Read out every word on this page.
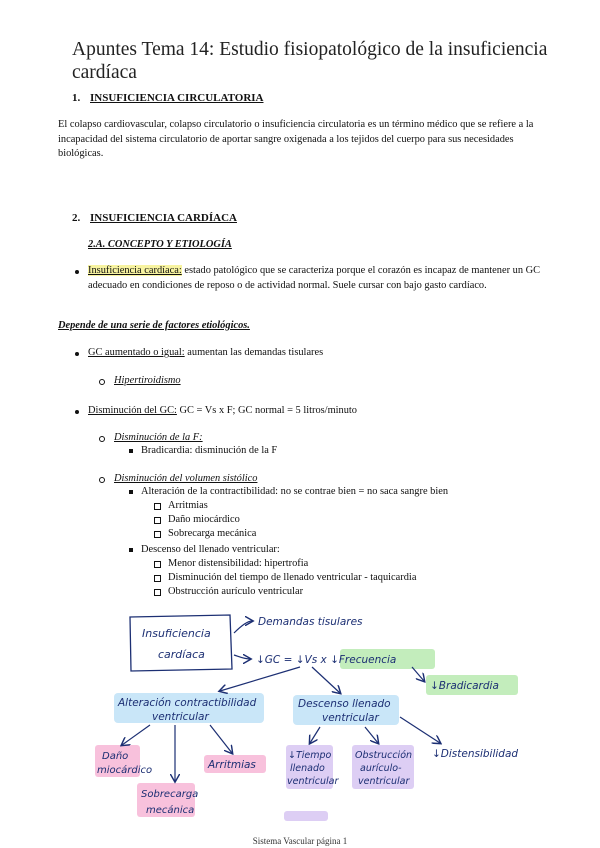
Apuntes Tema 14: Estudio fisiopatológico de la insuficiencia cardíaca
1. INSUFICIENCIA CIRCULATORIA
El colapso cardiovascular, colapso circulatorio o insuficiencia circulatoria es un término médico que se refiere a la incapacidad del sistema circulatorio de aportar sangre oxigenada a los tejidos del cuerpo para sus necesidades biológicas.
2. INSUFICIENCIA CARDÍACA
2.A. CONCEPTO Y ETIOLOGÍA
Insuficiencia cardíaca: estado patológico que se caracteriza porque el corazón es incapaz de mantener un GC adecuado en condiciones de reposo o de actividad normal. Suele cursar con bajo gasto cardíaco.
Depende de una serie de factores etiológicos.
GC aumentado o igual: aumentan las demandas tisulares
Hipertiroidismo
Disminución del GC: GC = Vs x F; GC normal = 5 litros/minuto
Disminución de la F:
Bradicardia: disminución de la F
Disminución del volumen sistólico
Alteración de la contractibilidad: no se contrae bien = no saca sangre bien
Arritmias
Daño miocárdico
Sobrecarga mecánica
Descenso del llenado ventricular:
Menor distensibilidad: hipertrofia
Disminución del tiempo de llenado ventricular - taquicardia
Obstrucción aurículo ventricular
Insuficiencia
cardíaca
Demandas tisulares
↓GC = ↓Vs x ↓Frecuencia
↓Bradicardia
Alteración contractibilidad
ventricular
Descenso llenado
ventricular
Daño
miocárdico	Arritmias
Sobrecarga
mecánica
↓Tiempo
llenado
ventricular
Obstrucción
aurículo-
ventricular
↓Distensibilidad
Sistema Vascular página 1
